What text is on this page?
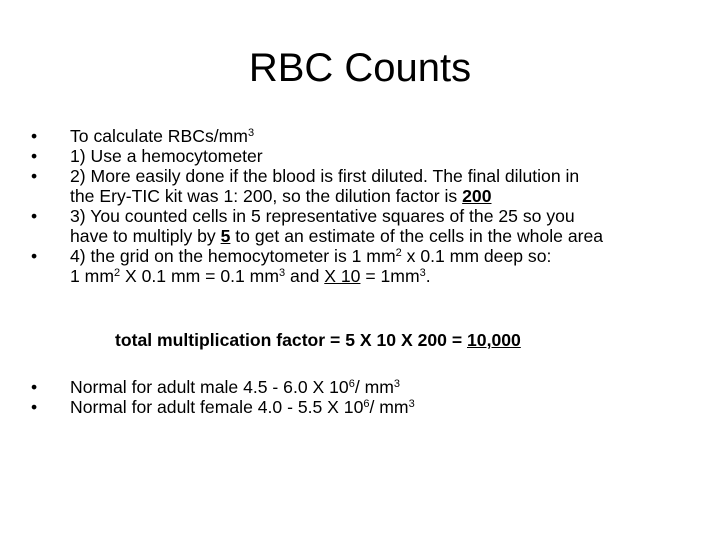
RBC Counts
• To calculate RBCs/$mm^3$
• 1) Use a hemocytometer
• 2) More easily done if the blood is first diluted. The final dilution in
the Ery-TIC kit was 1: 200, so the dilution factor is 200
• 3) You counted cells in 5 representative squares of the 25 so you
have to multiply by 5 to get an estimate of the cells in the whole area
• 4) the grid on the hemocytometer is 1 $mm^2$ x 0.1 mm deep so:
1 $mm^2$ X 0.1 mm = 0.1 $mm^3$ and X $10 = 1mm^3$.
total multiplication factor = 5 X 10 X 200 = 10,000
• Normal for adult male 4.5 - 6.0 X $10^6/$ $mm^3$
• Normal for adult female 4.0 - 5.5 X $10^6/$ $mm^3$
